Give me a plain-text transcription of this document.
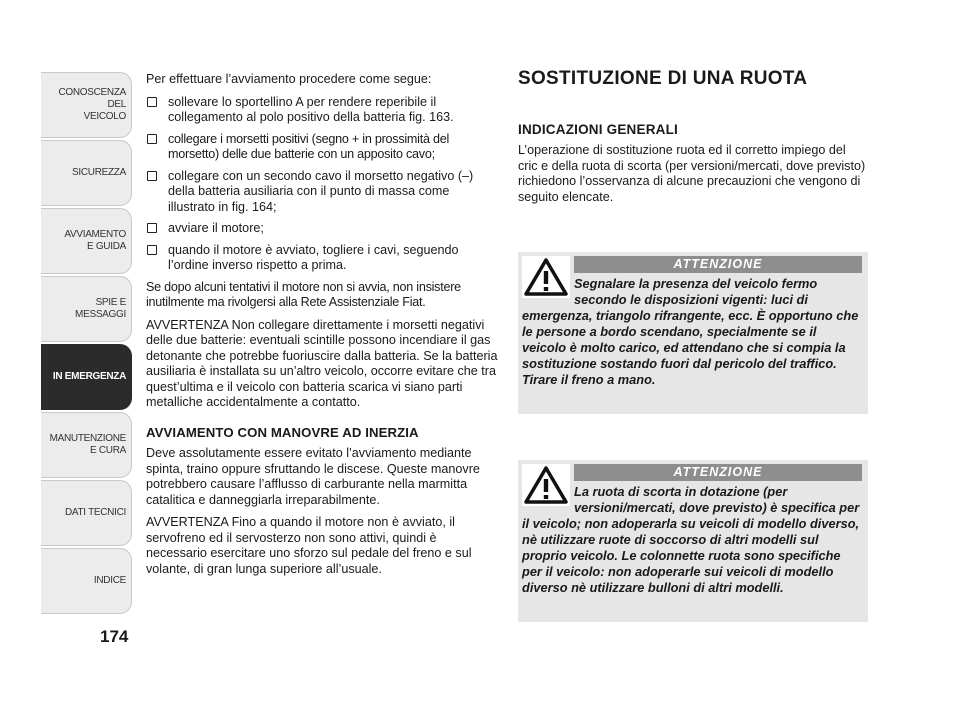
CONOSCENZA
DEL
VEICOLO
SICUREZZA
AVVIAMENTO
E GUIDA
SPIE E
MESSAGGI
IN EMERGENZA
MANUTENZIONE
E CURA
DATI TECNICI
INDICE
174

Per effettuare l’avviamento procedere come segue:

sollevare lo sportellino A per rendere reperibile il collegamento al polo positivo della batteria fig. 163.
collegare i morsetti positivi (segno + in prossimità del morsetto) delle due batterie con un apposito cavo;
collegare con un secondo cavo il morsetto negativo (–) della batteria ausiliaria con il punto di massa come illustrato in fig. 164;
avviare il motore;
quando il motore è avviato, togliere i cavi, seguendo l’ordine inverso rispetto a prima.

Se dopo alcuni tentativi il motore non si avvia, non insistere inutilmente ma rivolgersi alla Rete Assistenziale Fiat.

AVVERTENZA Non collegare direttamente i morsetti negativi delle due batterie: eventuali scintille possono incendiare il gas detonante che potrebbe fuoriuscire dalla batteria. Se la batteria ausiliaria è installata su un’altro veicolo, occorre evitare che tra quest’ultima e il veicolo con batteria scarica vi siano parti metalliche accidentalmente a contatto.

AVVIAMENTO CON MANOVRE AD INERZIA

Deve assolutamente essere evitato l’avviamento mediante spinta, traino oppure sfruttando le discese. Queste manovre potrebbero causare l’afflusso di carburante nella marmitta catalitica e danneggiarla irreparabilmente.

AVVERTENZA Fino a quando il motore non è avviato, il servofreno ed il servosterzo non sono attivi, quindi è necessario esercitare uno sforzo sul pedale del freno e sul volante, di gran lunga superiore all’usuale.

SOSTITUZIONE DI UNA RUOTA
INDICAZIONI GENERALI

L’operazione di sostituzione ruota ed il corretto impiego del cric e della ruota di scorta (per versioni/mercati, dove previsto) richiedono l’osservanza di alcune precauzioni che vengono di seguito elencate.

ATTENZIONE
Segnalare la presenza del veicolo fermo secondo le disposizioni vigenti: luci di emergenza, triangolo rifrangente, ecc. È opportuno che le persone a bordo scendano, specialmente se il veicolo è molto carico, ed attendano che si compia la sostituzione sostando fuori dal pericolo del traffico. Tirare il freno a mano.
ATTENZIONE
La ruota di scorta in dotazione (per versioni/mercati, dove previsto) è specifica per il veicolo; non adoperarla su veicoli di modello diverso, nè utilizzare ruote di soccorso di altri modelli sul proprio veicolo. Le colonnette ruota sono specifiche per il veicolo: non adoperarle sui veicoli di modello diverso nè utilizzare bulloni di altri modelli.
